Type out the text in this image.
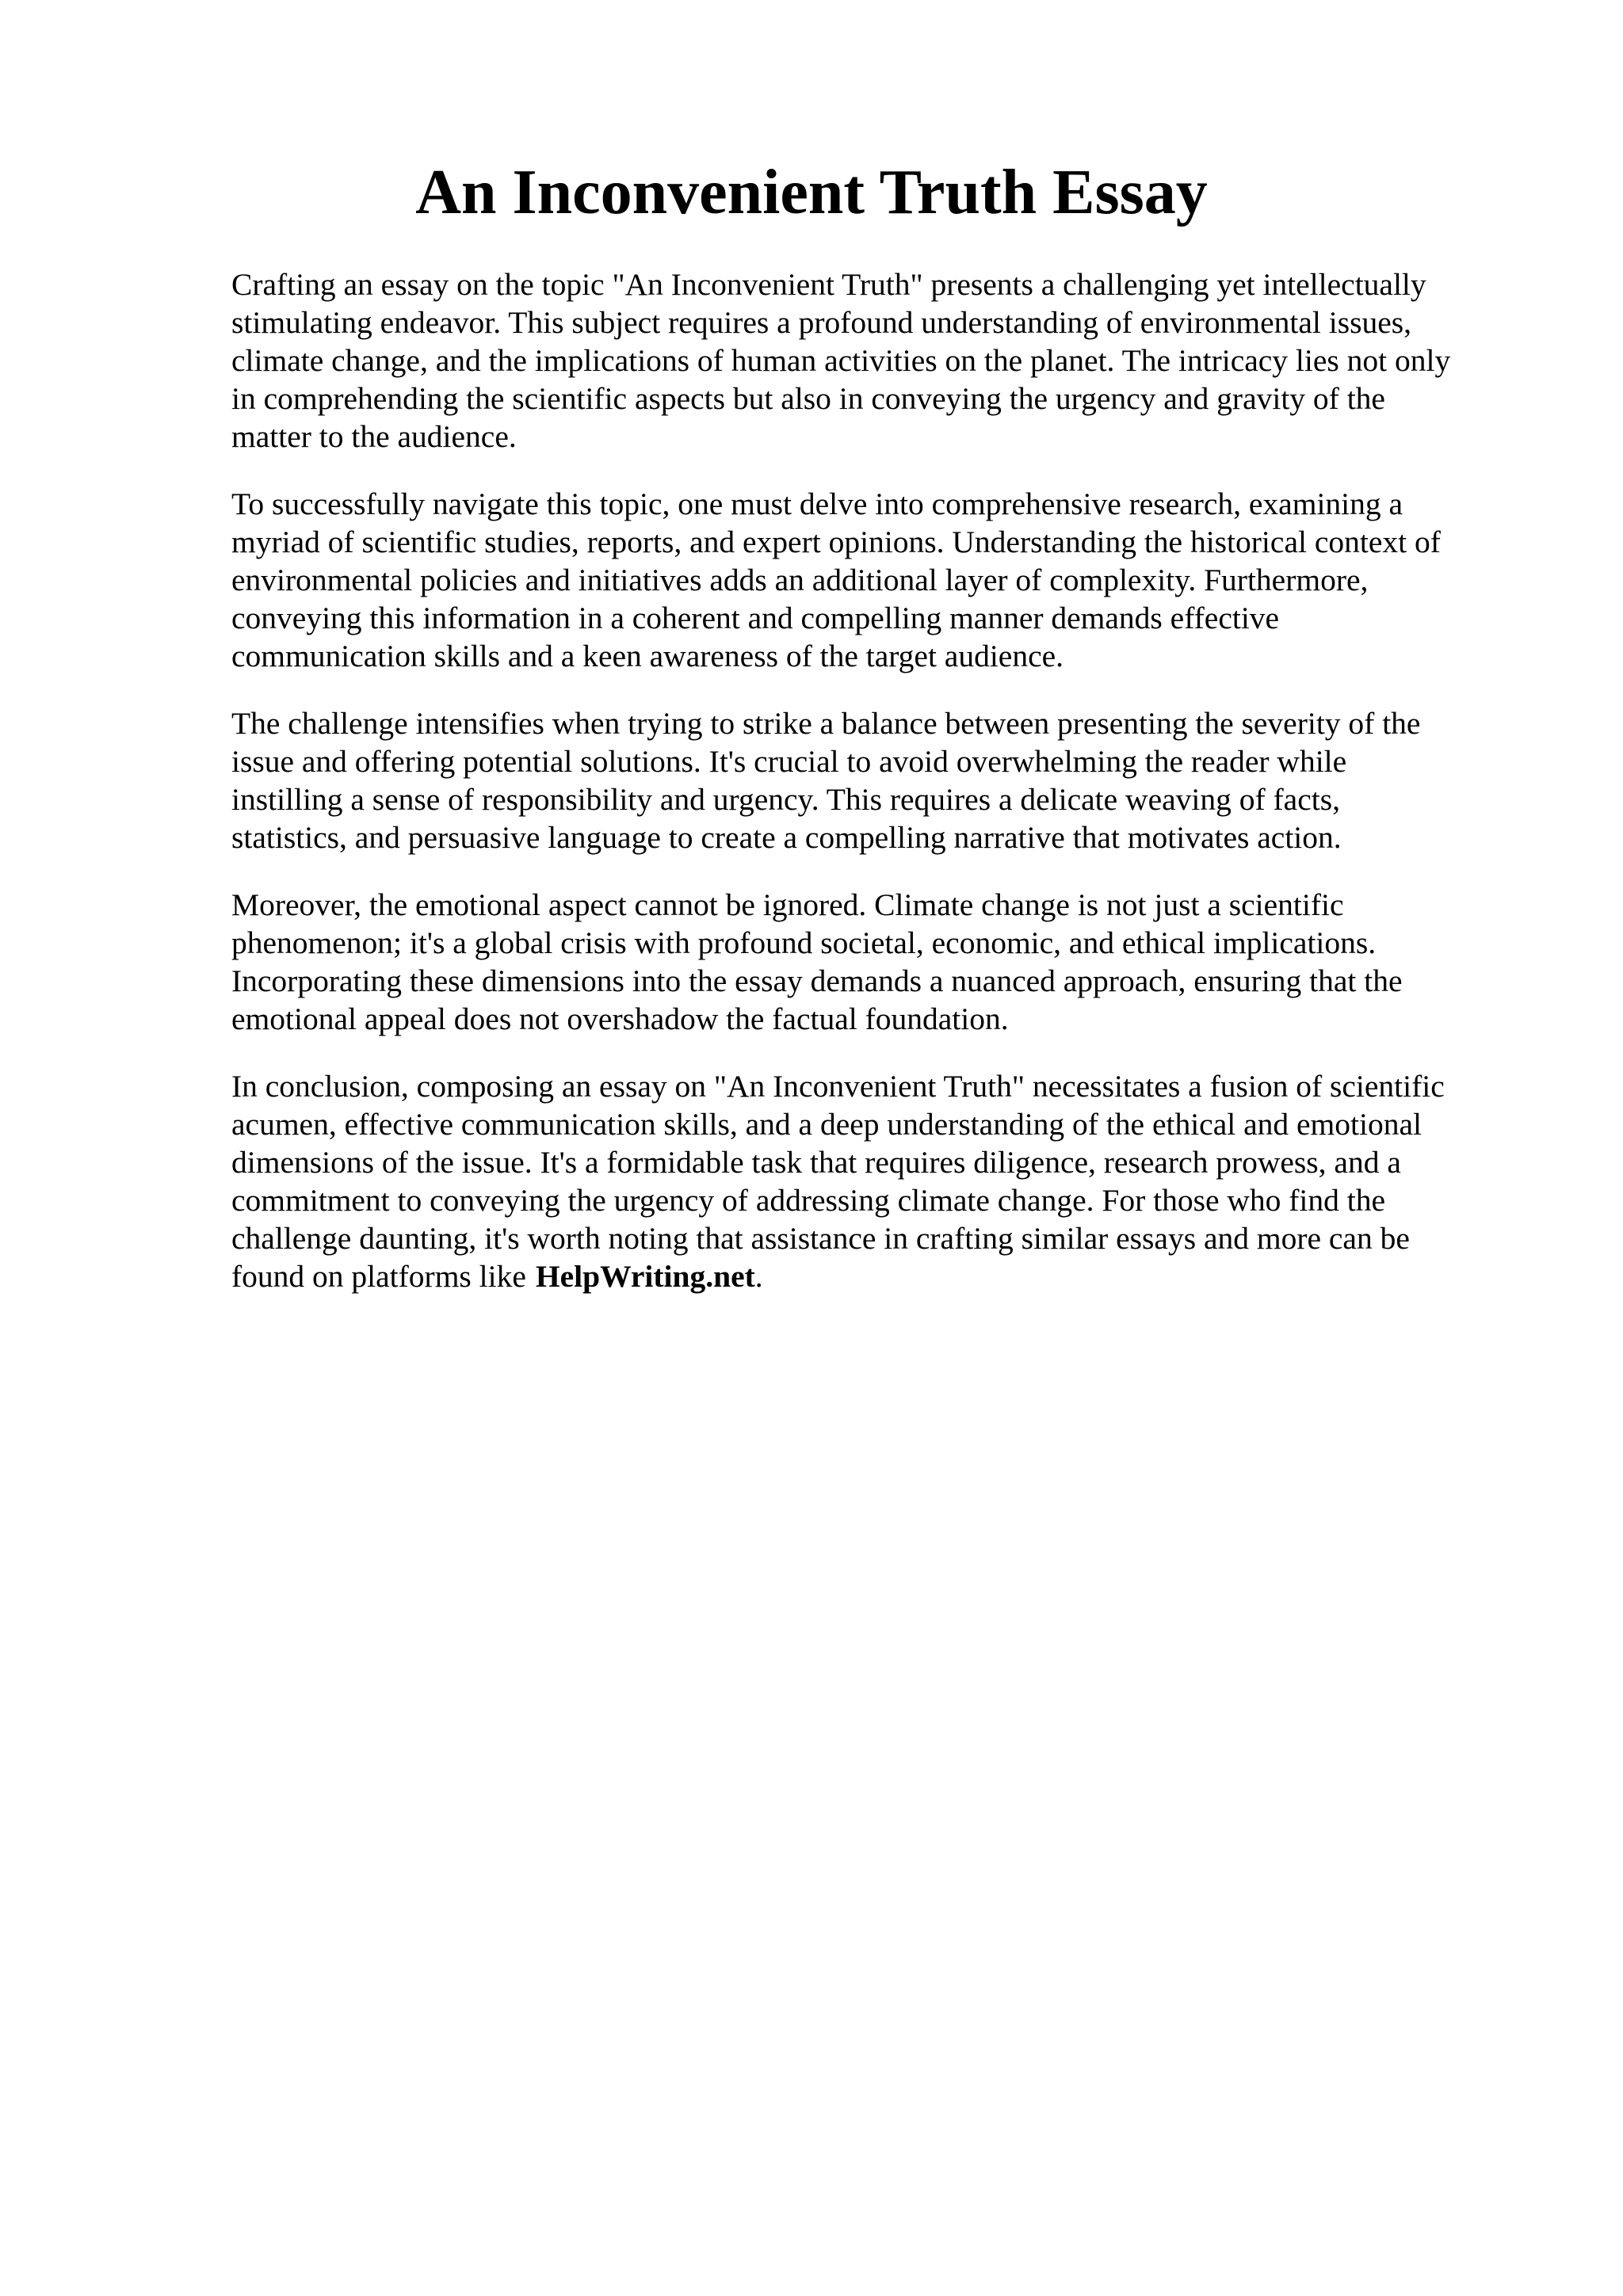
An Inconvenient Truth Essay

Crafting an essay on the topic "An Inconvenient Truth" presents a challenging yet intellectually
stimulating endeavor. This subject requires a profound understanding of environmental issues,
climate change, and the implications of human activities on the planet. The intricacy lies not only
in comprehending the scientific aspects but also in conveying the urgency and gravity of the
matter to the audience.

To successfully navigate this topic, one must delve into comprehensive research, examining a
myriad of scientific studies, reports, and expert opinions. Understanding the historical context of
environmental policies and initiatives adds an additional layer of complexity. Furthermore,
conveying this information in a coherent and compelling manner demands effective
communication skills and a keen awareness of the target audience.

The challenge intensifies when trying to strike a balance between presenting the severity of the
issue and offering potential solutions. It's crucial to avoid overwhelming the reader while
instilling a sense of responsibility and urgency. This requires a delicate weaving of facts,
statistics, and persuasive language to create a compelling narrative that motivates action.

Moreover, the emotional aspect cannot be ignored. Climate change is not just a scientific
phenomenon; it's a global crisis with profound societal, economic, and ethical implications.
Incorporating these dimensions into the essay demands a nuanced approach, ensuring that the
emotional appeal does not overshadow the factual foundation.

In conclusion, composing an essay on "An Inconvenient Truth" necessitates a fusion of scientific
acumen, effective communication skills, and a deep understanding of the ethical and emotional
dimensions of the issue. It's a formidable task that requires diligence, research prowess, and a
commitment to conveying the urgency of addressing climate change. For those who find the
challenge daunting, it's worth noting that assistance in crafting similar essays and more can be
found on platforms like HelpWriting.net.
